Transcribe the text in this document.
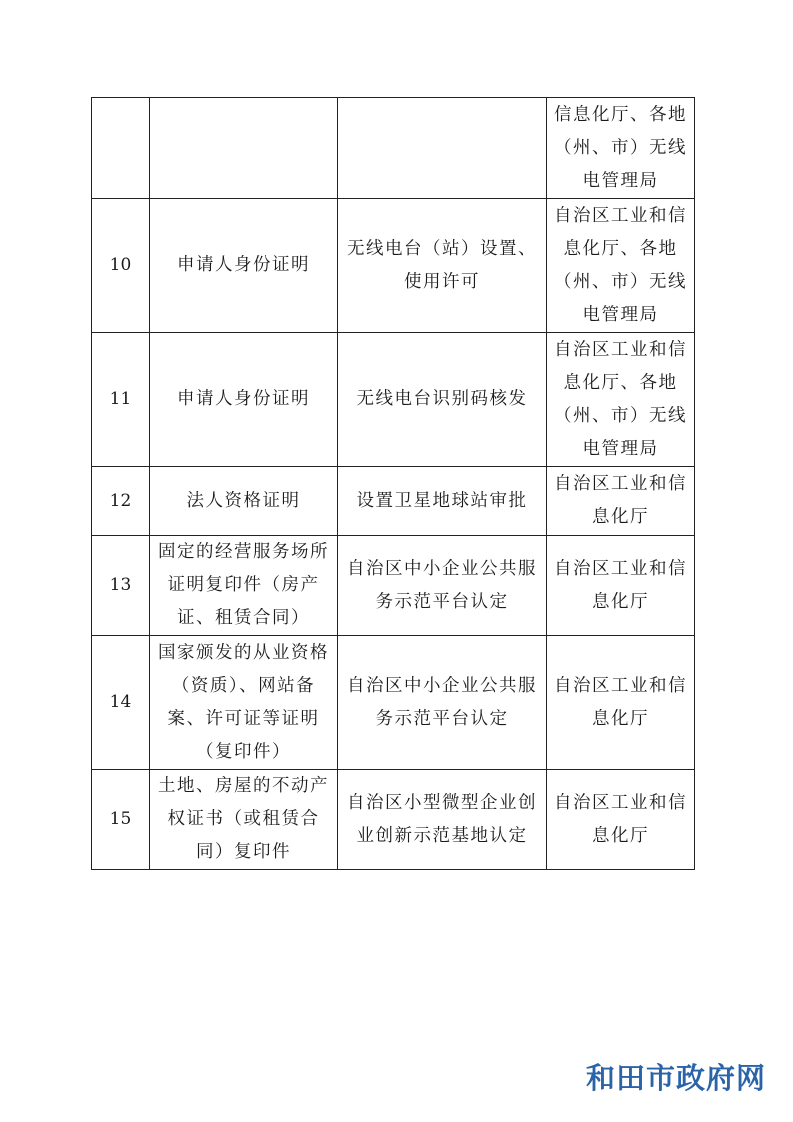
			信息化厅、各地（州、市）无线电管理局
10	申请人身份证明	无线电台（站）设置、使用许可	自治区工业和信息化厅、各地（州、市）无线电管理局
11	申请人身份证明	无线电台识别码核发	自治区工业和信息化厅、各地（州、市）无线电管理局
12	法人资格证明	设置卫星地球站审批	自治区工业和信息化厅
13	固定的经营服务场所证明复印件（房产证、租赁合同）	自治区中小企业公共服务示范平台认定	自治区工业和信息化厅
14	国家颁发的从业资格（资质）、网站备案、许可证等证明（复印件）	自治区中小企业公共服务示范平台认定	自治区工业和信息化厅
15	土地、房屋的不动产权证书（或租赁合同）复印件	自治区小型微型企业创业创新示范基地认定	自治区工业和信息化厅
和田市政府网
